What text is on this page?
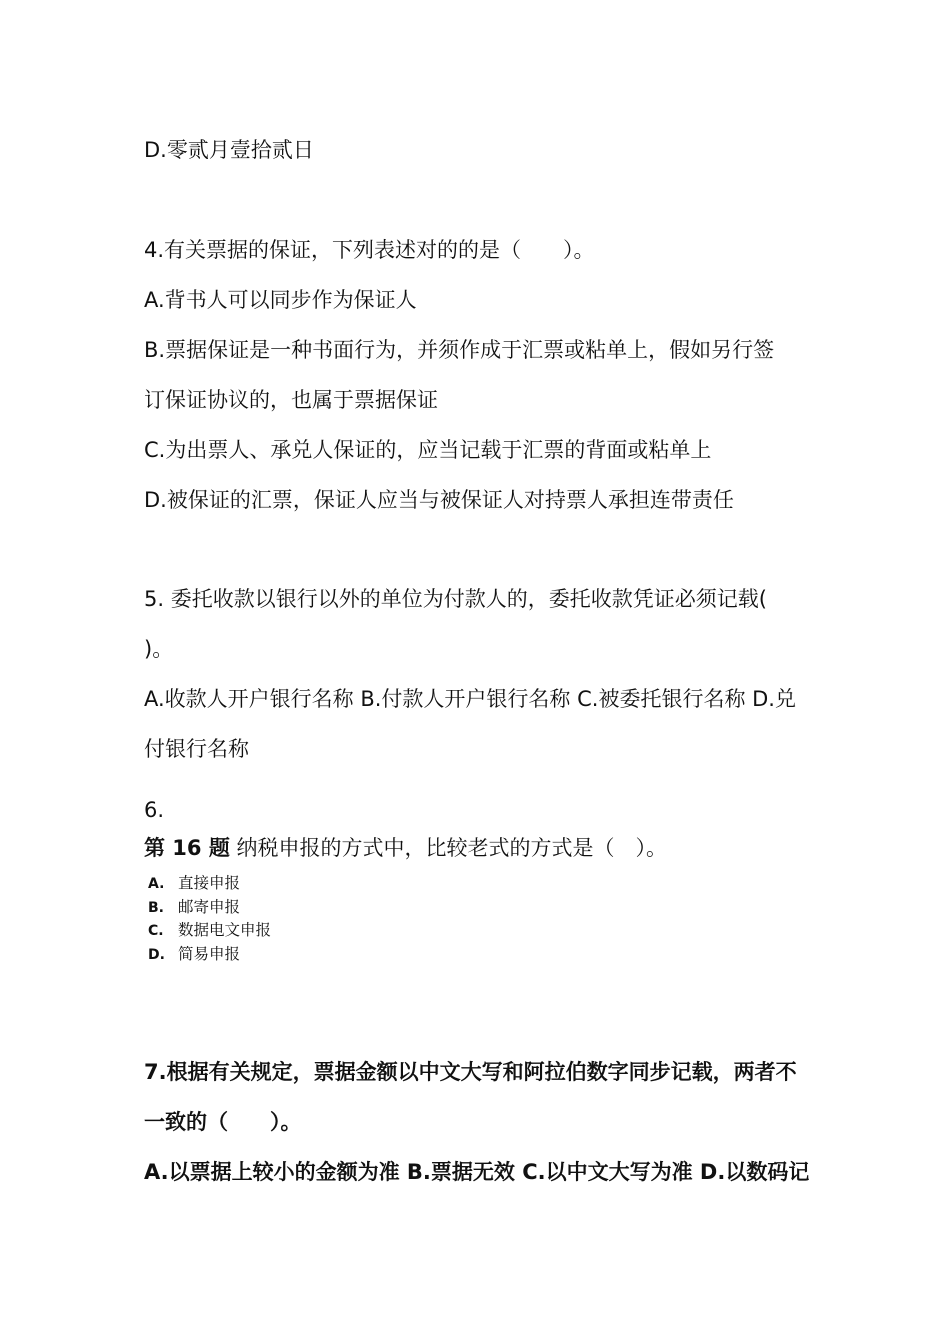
D.零贰月壹拾贰日
4.有关票据的保证，下列表述对的的是（　　）。
A.背书人可以同步作为保证人
B.票据保证是一种书面行为，并须作成于汇票或粘单上，假如另行签
订保证协议的，也属于票据保证
C.为出票人、承兑人保证的，应当记载于汇票的背面或粘单上
D.被保证的汇票，保证人应当与被保证人对持票人承担连带责任
5. 委托收款以银行以外的单位为付款人的，委托收款凭证必须记载(
)。
A.收款人开户银行名称 B.付款人开户银行名称 C.被委托银行名称 D.兑
付银行名称
6.
第 16 题 纳税申报的方式中，比较老式的方式是（　）。
A. 直接申报
B. 邮寄申报
C. 数据电文申报
D. 简易申报
7.根据有关规定，票据金额以中文大写和阿拉伯数字同步记载，两者不
一致的（　　）。
A.以票据上较小的金额为准 B.票据无效 C.以中文大写为准 D.以数码记
